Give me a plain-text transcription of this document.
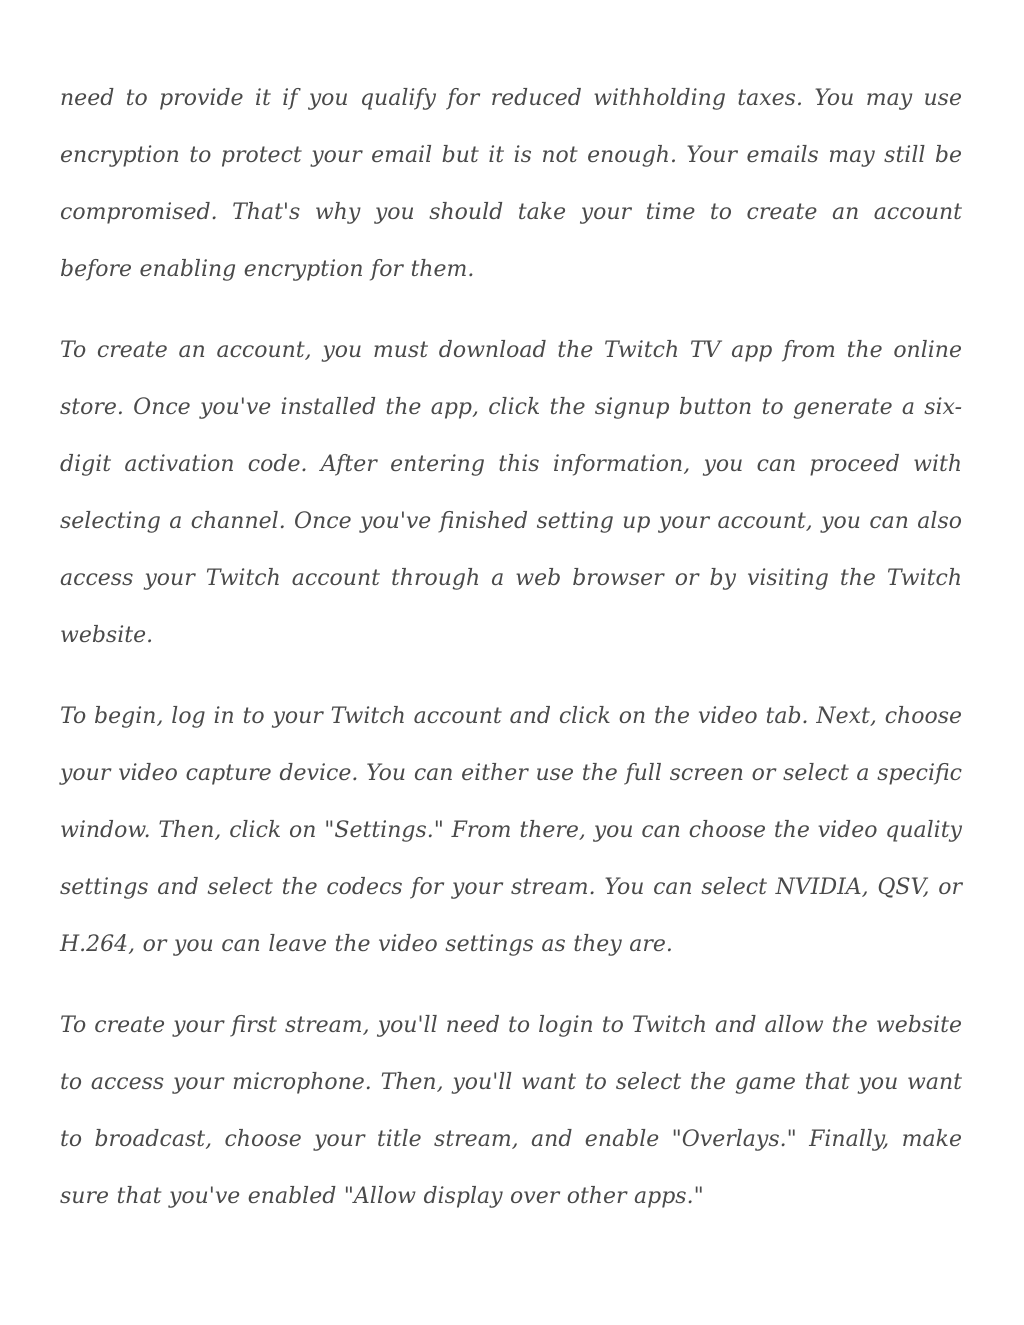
need to provide it if you qualify for reduced withholding taxes. You may use encryption to protect your email but it is not enough. Your emails may still be compromised. That's why you should take your time to create an account before enabling encryption for them.

To create an account, you must download the Twitch TV app from the online store. Once you've installed the app, click the signup button to generate a six-digit activation code. After entering this information, you can proceed with selecting a channel. Once you've finished setting up your account, you can also access your Twitch account through a web browser or by visiting the Twitch website.

To begin, log in to your Twitch account and click on the video tab. Next, choose your video capture device. You can either use the full screen or select a specific window. Then, click on "Settings." From there, you can choose the video quality settings and select the codecs for your stream. You can select NVIDIA, QSV, or H.264, or you can leave the video settings as they are.

To create your first stream, you'll need to login to Twitch and allow the website to access your microphone. Then, you'll want to select the game that you want to broadcast, choose your title stream, and enable "Overlays." Finally, make sure that you've enabled "Allow display over other apps."
